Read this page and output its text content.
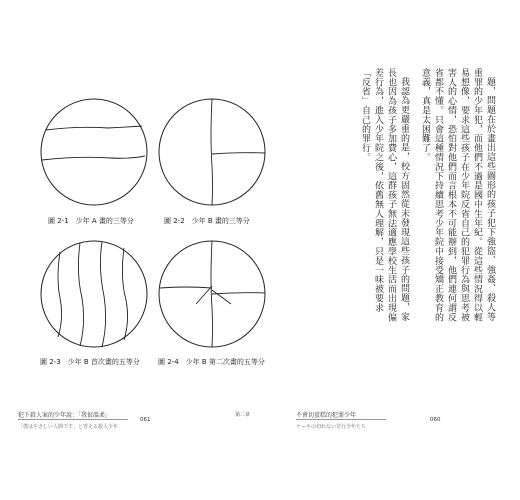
圖 2-1　少年 A 畫的三等分	圖 2-2　少年 B 畫的三等分
圖 2-3　少年 B 首次畫的五等分	圖 2-4　少年 B 第二次畫的五等分
犯下殺人案的少年說：「我很溫柔」
061
第二章
「僕はやさしい人間です」と答える殺人少年

題，問題在於畫出這些圖形的孩子犯下強盜、強姦、殺人等重罪的少年犯，而他們不過是國中生年紀。從這些情況得以輕易想像，要求這些孩子在少年院反省自己的犯罪行為與思考被害人的心情，恐怕對他們而言根本不可能辦到，他們連何謂反省都不懂。只會這種情況下持續思考少年院中接受矯正教育的意義，真是太困難了。

我認為更嚴重的是，校方固然從未發現這些孩子的問題，家長也因為孩子多加費心，這群孩子無法適應學校生活而出現偏差行為，進入少年院之後，依舊無人理解，只是一味被要求「反省」自己的罪行。

不會切蛋糕的犯罪少年
ケーキの切れない非行少年たち
060
